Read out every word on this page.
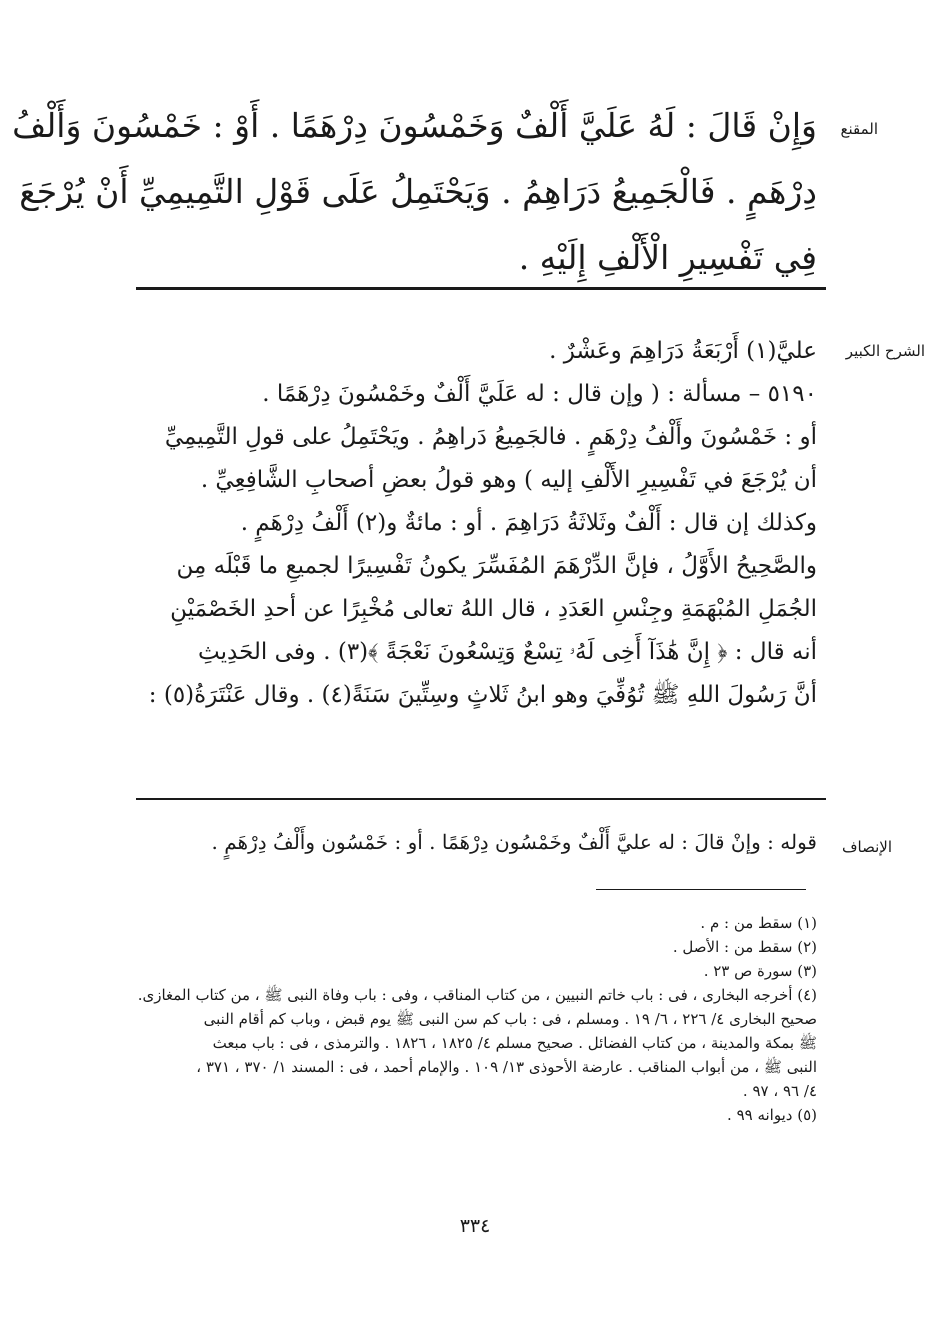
المقنع
وَإِنْ قَالَ : لَهُ عَلَيَّ أَلْفٌ وَخَمْسُونَ دِرْهَمًا . أَوْ : خَمْسُونَ وَأَلْفُ
دِرْهَمٍ . فَالْجَمِيعُ دَرَاهِمُ . وَيَحْتَمِلُ عَلَى قَوْلِ التَّمِيمِيِّ أَنْ يُرْجَعَ
فِي تَفْسِيرِ الْأَلْفِ إِلَيْهِ .
الشرح الكبير
عليَّ(١) أَرْبَعَةُ دَرَاهِمَ وعَشْرٌ .
٥١٩٠ – مسألة : ( وإن قال : له عَلَيَّ أَلْفٌ وخَمْسُونَ دِرْهَمًا .
أو : خَمْسُونَ وأَلْفُ دِرْهَمٍ . فالجَمِيعُ دَراهِمُ . ويَحْتَمِلُ على قولِ التَّمِيمِيِّ
أن يُرْجَعَ في تَفْسِيرِ الأَلْفِ إليه ) وهو قولُ بعضِ أصحابِ الشَّافِعِيِّ .
وكذلك إن قال : أَلْفٌ وثَلاثَةُ دَرَاهِمَ . أو : مائةٌ و(٢) أَلْفُ دِرْهَمٍ .
والصَّحِيحُ الأَوَّلُ ، فإنَّ الدِّرْهَمَ المُفَسِّرَ يكونُ تَفْسِيرًا لجميعِ ما قَبْلَه مِن
الجُمَلِ المُبْهَمَةِ وجِنْسِ العَدَدِ ، قال اللهُ تعالى مُخْبِرًا عن أحدِ الخَصْمَيْنِ
أنه قال : ﴿ إِنَّ هَٰذَآ أَخِى لَهُۥ تِسْعٌ وَتِسْعُونَ نَعْجَةً ﴾(٣) . وفى الحَدِيثِ
أنَّ رَسُولَ اللهِ ﷺ تُوُفِّيَ وهو ابنُ ثَلاثٍ وسِتِّينَ سَنَةً(٤) . وقال عَنْتَرَةُ(٥) :
الإنصاف
قوله : وإنْ قالَ : له عليَّ أَلْفٌ وخَمْسُون دِرْهَمًا . أو : خَمْسُون وأَلْفُ دِرْهَمٍ .
(١) سقط من : م .
(٢) سقط من : الأصل .
(٣) سورة ص ٢٣ .
(٤) أخرجه البخارى ، فى : باب خاتم النبيين ، من كتاب المناقب ، وفى : باب وفاة النبى ﷺ ، من كتاب المغازى.
صحيح البخارى ٤/ ٢٢٦ ، ٦/ ١٩ . ومسلم ، فى : باب كم سن النبى ﷺ يوم قبض ، وباب كم أقام النبى
ﷺ بمكة والمدينة ، من كتاب الفضائل . صحيح مسلم ٤/ ١٨٢٥ ، ١٨٢٦ . والترمذى ، فى : باب مبعث
النبى ﷺ ، من أبواب المناقب . عارضة الأحوذى ١٣/ ١٠٩ . والإمام أحمد ، فى : المسند ١/ ٣٧٠ ، ٣٧١ ،
٤/ ٩٦ ، ٩٧ .
(٥) ديوانه ٩٩ .
٣٣٤
